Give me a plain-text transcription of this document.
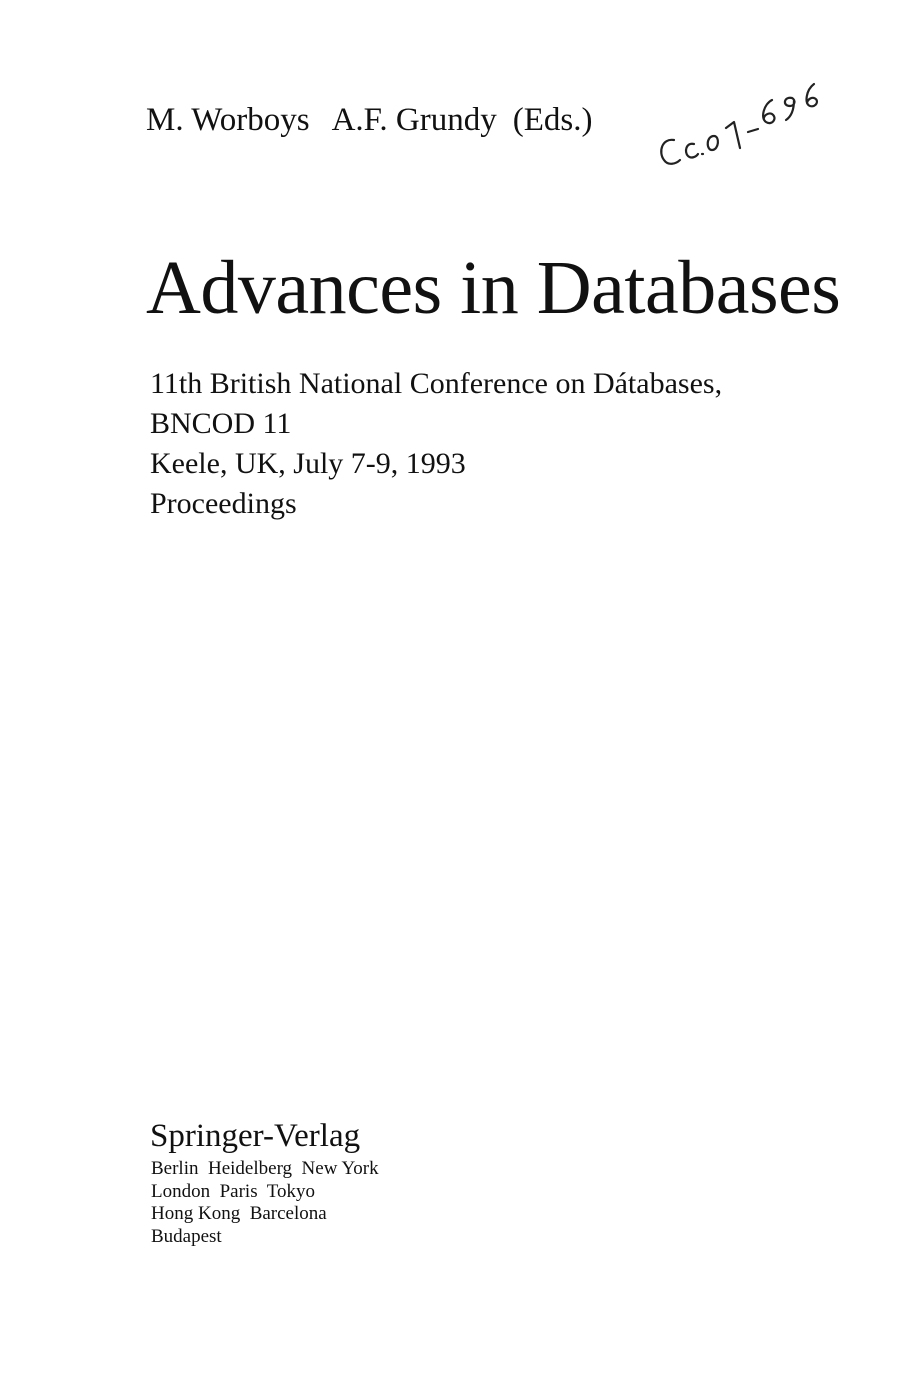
M. Worboys A.F. Grundy (Eds.)
Advances in Databases
11th British National Conference on Dátabases,
BNCOD 11
Keele, UK, July 7-9, 1993
Proceedings
Springer-Verlag
Berlin  Heidelberg  New York
London  Paris  Tokyo
Hong Kong  Barcelona
Budapest
